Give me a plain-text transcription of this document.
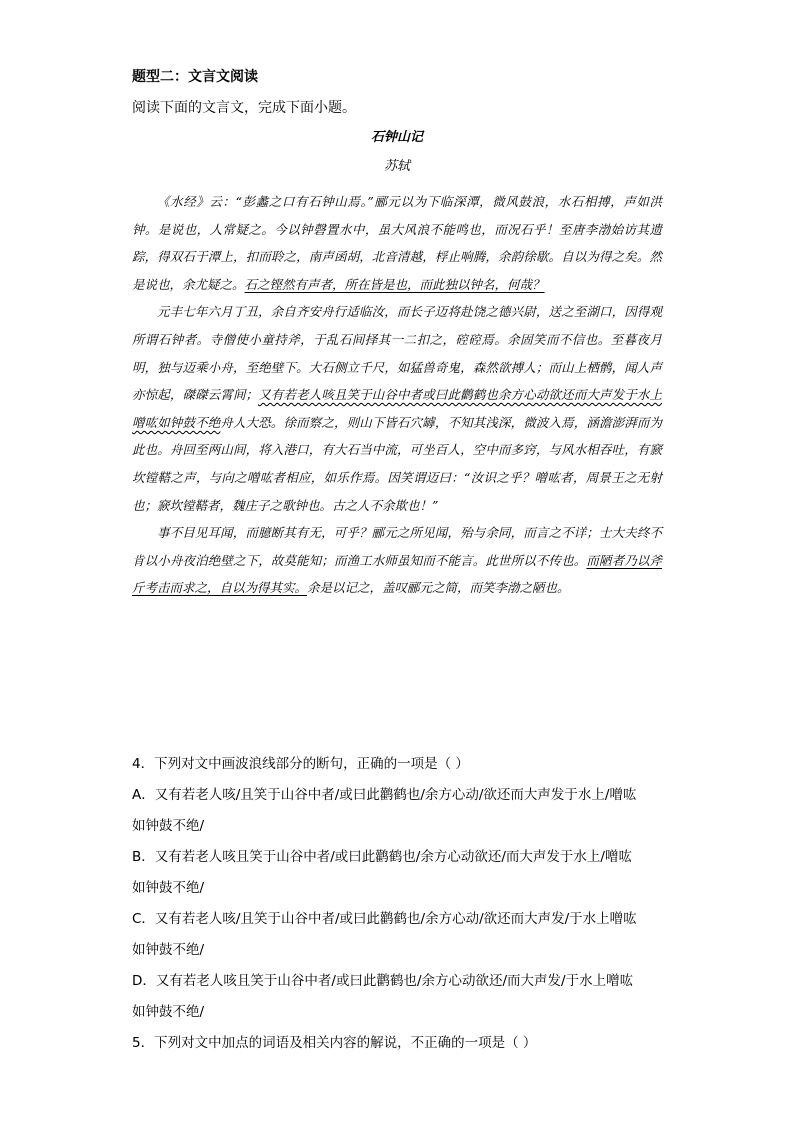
题型二：文言文阅读
阅读下面的文言文，完成下面小题。
石钟山记
苏轼

《水经》云：“彭蠡之口有石钟山焉。”郦元以为下临深潭，微风鼓浪，水石相搏，声如洪钟。是说也，人常疑之。今以钟磬置水中，虽大风浪不能鸣也，而况石乎！至唐李渤始访其遗踪，得双石于潭上，扣而聆之，南声函胡，北音清越，桴止响腾，余韵徐歇。自以为得之矣。然是说也，余尤疑之。石之铿然有声者，所在皆是也，而此独以钟名，何哉？

元丰七年六月丁丑，余自齐安舟行适临汝，而长子迈将赴饶之德兴尉，送之至湖口，因得观所谓石钟者。寺僧使小童持斧，于乱石间择其一二扣之，硿硿焉。余固笑而不信也。至暮夜月明，独与迈乘小舟，至绝壁下。大石侧立千尺，如猛兽奇鬼，森然欲搏人；而山上栖鹘，闻人声亦惊起，磔磔云霄间；又有若老人咳且笑于山谷中者或曰此鹳鹤也余方心动欲还而大声发于水上噌吰如钟鼓不绝舟人大恐。徐而察之，则山下皆石穴罅，不知其浅深，微波入焉，涵澹澎湃而为此也。舟回至两山间，将入港口，有大石当中流，可坐百人，空中而多窍，与风水相吞吐，有窾坎镗鞳之声，与向之噌吰者相应，如乐作焉。因笑谓迈曰：“汝识之乎？噌吰者，周景王之无射也；窾坎镗鞳者，魏庄子之歌钟也。古之人不余欺也！”

事不目见耳闻，而臆断其有无，可乎？郦元之所见闻，殆与余同，而言之不详；士大夫终不肯以小舟夜泊绝壁之下，故莫能知；而渔工水师虽知而不能言。此世所以不传也。而陋者乃以斧斤考击而求之，自以为得其实。余是以记之，盖叹郦元之简，而笑李渤之陋也。

4．下列对文中画波浪线部分的断句，正确的一项是（ ）
A．又有若老人咳/且笑于山谷中者/或曰此鹳鹤也/余方心动/欲还而大声发于水上/噌吰
如钟鼓不绝/
B．又有若老人咳且笑于山谷中者/或曰此鹳鹤也/余方心动欲还/而大声发于水上/噌吰
如钟鼓不绝/
C．又有若老人咳/且笑于山谷中者/或曰此鹳鹤也/余方心动/欲还而大声发/于水上噌吰
如钟鼓不绝/
D．又有若老人咳且笑于山谷中者/或曰此鹳鹤也/余方心动欲还/而大声发/于水上噌吰
如钟鼓不绝/
5．下列对文中加点的词语及相关内容的解说，不正确的一项是（ ）
